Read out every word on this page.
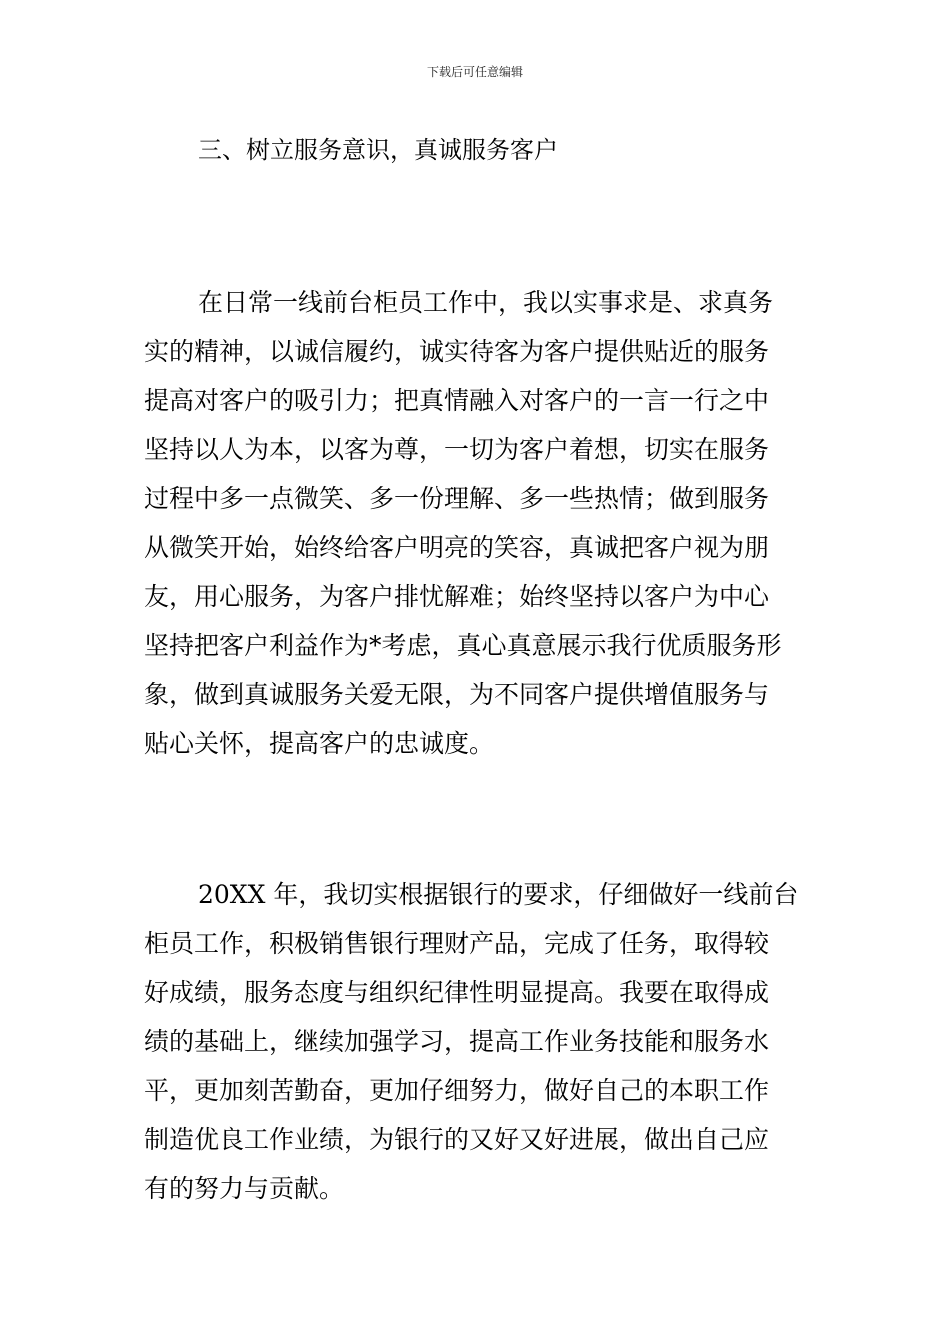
下载后可任意编辑
三、树立服务意识，真诚服务客户
在日常一线前台柜员工作中，我以实事求是、求真务
实的精神，以诚信履约，诚实待客为客户提供贴近的服务
提高对客户的吸引力；把真情融入对客户的一言一行之中
坚持以人为本，以客为尊，一切为客户着想，切实在服务
过程中多一点微笑、多一份理解、多一些热情；做到服务
从微笑开始，始终给客户明亮的笑容，真诚把客户视为朋
友，用心服务，为客户排忧解难；始终坚持以客户为中心
坚持把客户利益作为*考虑，真心真意展示我行优质服务形
象，做到真诚服务关爱无限，为不同客户提供增值服务与
贴心关怀，提高客户的忠诚度。
20XX 年，我切实根据银行的要求，仔细做好一线前台
柜员工作，积极销售银行理财产品，完成了任务，取得较
好成绩，服务态度与组织纪律性明显提高。我要在取得成
绩的基础上，继续加强学习，提高工作业务技能和服务水
平，更加刻苦勤奋，更加仔细努力，做好自己的本职工作
制造优良工作业绩，为银行的又好又好进展，做出自己应
有的努力与贡献。
